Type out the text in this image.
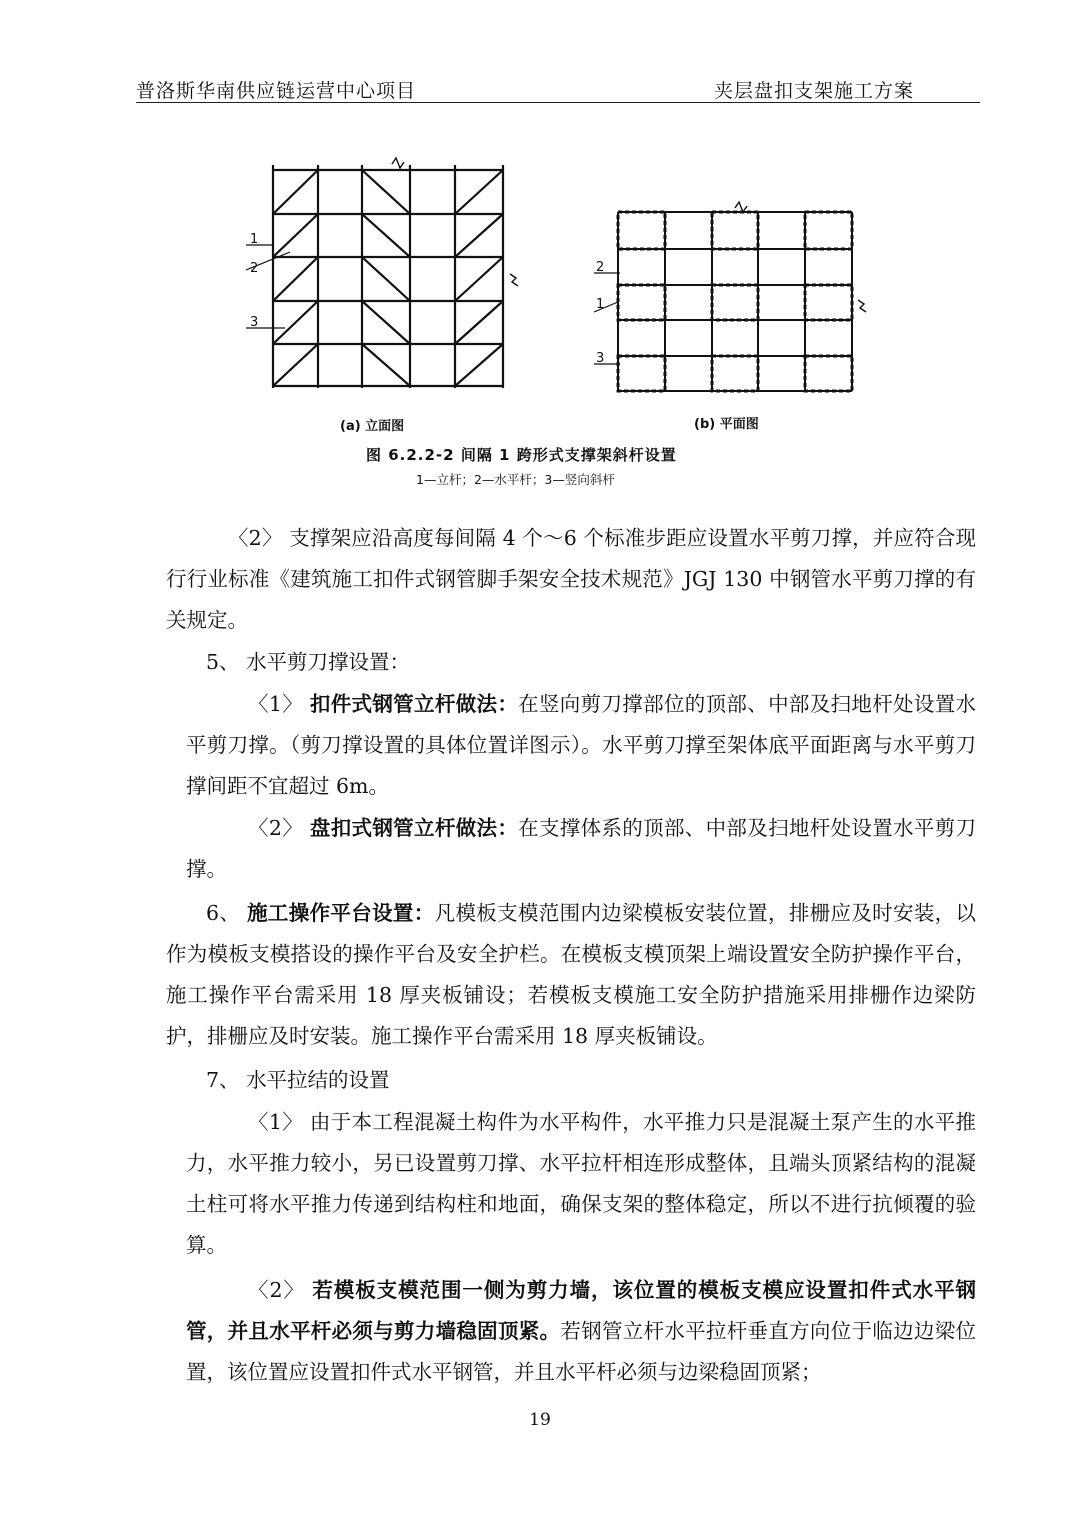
普洛斯华南供应链运营中心项目	夹层盘扣支架施工方案
1
2
3
2
1
3
(a) 立面图	(b) 平面图
图 6.2.2-2 间隔 1 跨形式支撑架斜杆设置
1—立杆；2—水平杆；3—竖向斜杆

〈2〉 支撑架应沿高度每间隔 4 个～6 个标准步距应设置水平剪刀撑，并应符合现行行业标准《建筑施工扣件式钢管脚手架安全技术规范》JGJ 130 中钢管水平剪刀撑的有关规定。

5、 水平剪刀撑设置：

〈1〉 扣件式钢管立杆做法：在竖向剪刀撑部位的顶部、中部及扫地杆处设置水平剪刀撑。（剪刀撑设置的具体位置详图示）。水平剪刀撑至架体底平面距离与水平剪刀撑间距不宜超过 6m。

〈2〉 盘扣式钢管立杆做法：在支撑体系的顶部、中部及扫地杆处设置水平剪刀撑。

6、 施工操作平台设置：凡模板支模范围内边梁模板安装位置，排栅应及时安装，以作为模板支模搭设的操作平台及安全护栏。在模板支模顶架上端设置安全防护操作平台，施工操作平台需采用 18 厚夹板铺设；若模板支模施工安全防护措施采用排栅作边梁防护，排栅应及时安装。施工操作平台需采用 18 厚夹板铺设。

7、 水平拉结的设置

〈1〉 由于本工程混凝土构件为水平构件，水平推力只是混凝土泵产生的水平推力，水平推力较小，另已设置剪刀撑、水平拉杆相连形成整体，且端头顶紧结构的混凝土柱可将水平推力传递到结构柱和地面，确保支架的整体稳定，所以不进行抗倾覆的验算。

〈2〉 若模板支模范围一侧为剪力墙，该位置的模板支模应设置扣件式水平钢管，并且水平杆必须与剪力墙稳固顶紧。若钢管立杆水平拉杆垂直方向位于临边边梁位置，该位置应设置扣件式水平钢管，并且水平杆必须与边梁稳固顶紧；

19
